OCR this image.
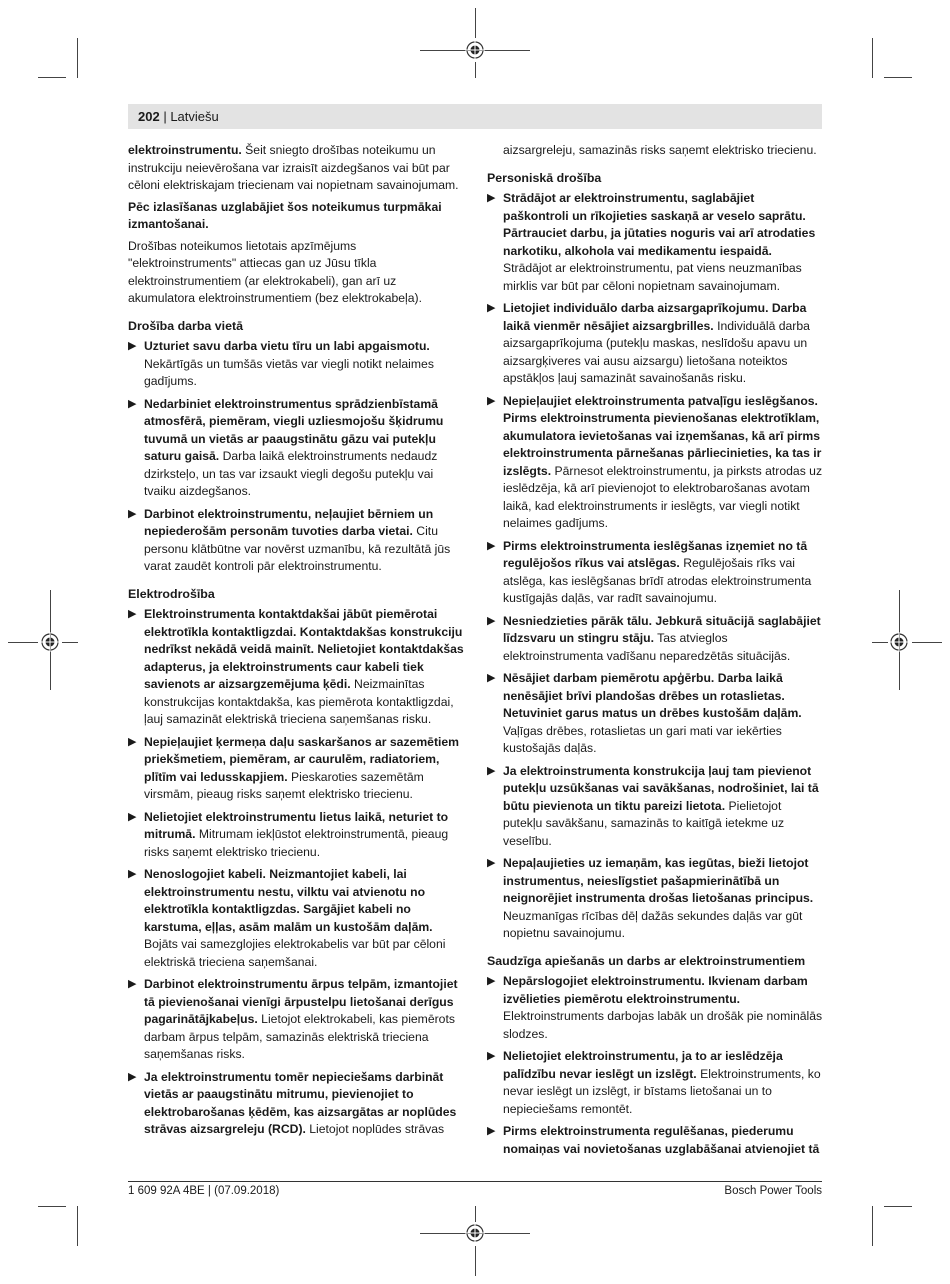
202 | Latviešu

elektroinstrumentu. Šeit sniegto drošības noteikumu un instrukciju neievērošana var izraisīt aizdegšanos vai būt par cēloni elektriskajam triecienam vai nopietnam savainojumam.

Pēc izlasīšanas uzglabājiet šos noteikumus turpmākai izmantošanai.

Drošības noteikumos lietotais apzīmējums "elektroinstruments" attiecas gan uz Jūsu tīkla elektroinstrumentiem (ar elektrokabeli), gan arī uz akumulatora elektroinstrumentiem (bez elektrokabeļa).

Drošība darba vietā
▶ Uzturiet savu darba vietu tīru un labi apgaismotu. Nekārtīgās un tumšās vietās var viegli notikt nelaimes gadījums.
▶ Nedarbiniet elektroinstrumentus sprādzienbīstamā atmosfērā, piemēram, viegli uzliesmojošu šķidrumu tuvumā un vietās ar paaugstinātu gāzu vai putekļu saturu gaisā. Darba laikā elektroinstruments nedaudz dzirksteļo, un tas var izsaukt viegli degošu putekļu vai tvaiku aizdegšanos.
▶ Darbinot elektroinstrumentu, neļaujiet bērniem un nepiederošām personām tuvoties darba vietai. Citu personu klātbūtne var novērst uzmanību, kā rezultātā jūs varat zaudēt kontroli pār elektroinstrumentu.
Elektrodrošība
▶ Elektroinstrumenta kontaktdakšai jābūt piemērotai elektrotīkla kontaktligzdai. Kontaktdakšas konstrukciju nedrīkst nekādā veidā mainīt. Nelietojiet kontaktdakšas adapterus, ja elektroinstruments caur kabeli tiek savienots ar aizsargzemējuma ķēdi. Neizmainītas konstrukcijas kontaktdakša, kas piemērota kontaktligzdai, ļauj samazināt elektriskā trieciena saņemšanas risku.
▶ Nepieļaujiet ķermeņa daļu saskaršanos ar sazemētiem priekšmetiem, piemēram, ar caurulēm, radiatoriem, plītīm vai ledusskapjiem. Pieskaroties sazemētām virsmām, pieaug risks saņemt elektrisko triecienu.
▶ Nelietojiet elektroinstrumentu lietus laikā, neturiet to mitrumā. Mitrumam iekļūstot elektroinstrumentā, pieaug risks saņemt elektrisko triecienu.
▶ Nenoslogojiet kabeli. Neizmantojiet kabeli, lai elektroinstrumentu nestu, vilktu vai atvienotu no elektrotīkla kontaktligzdas. Sargājiet kabeli no karstuma, eļļas, asām malām un kustošām daļām. Bojāts vai samezglojies elektrokabelis var būt par cēloni elektriskā trieciena saņemšanai.
▶ Darbinot elektroinstrumentu ārpus telpām, izmantojiet tā pievienošanai vienīgi ārpustelpu lietošanai derīgus pagarinātājkabeļus. Lietojot elektrokabeli, kas piemērots darbam ārpus telpām, samazinās elektriskā trieciena saņemšanas risks.
▶ Ja elektroinstrumentu tomēr nepieciešams darbināt vietās ar paaugstinātu mitrumu, pievienojiet to elektrobarošanas ķēdēm, kas aizsargātas ar noplūdes strāvas aizsargreleju (RCD). Lietojot noplūdes strāvas

aizsargreleju, samazinās risks saņemt elektrisko triecienu.

Personiskā drošība
▶ Strādājot ar elektroinstrumentu, saglabājiet paškontroli un rīkojieties saskaņā ar veselo saprātu. Pārtrauciet darbu, ja jūtaties noguris vai arī atrodaties narkotiku, alkohola vai medikamentu iespaidā. Strādājot ar elektroinstrumentu, pat viens neuzmanības mirklis var būt par cēloni nopietnam savainojumam.
▶ Lietojiet individuālo darba aizsargaprīkojumu. Darba laikā vienmēr nēsājiet aizsargbrilles. Individuālā darba aizsargaprīkojuma (putekļu maskas, neslīdošu apavu un aizsargķiveres vai ausu aizsargu) lietošana noteiktos apstākļos ļauj samazināt savainošanās risku.
▶ Nepieļaujiet elektroinstrumenta patvaļīgu ieslēgšanos. Pirms elektroinstrumenta pievienošanas elektrotīklam, akumulatora ievietošanas vai izņemšanas, kā arī pirms elektroinstrumenta pārnešanas pārliecinieties, ka tas ir izslēgts. Pārnesot elektroinstrumentu, ja pirksts atrodas uz ieslēdzēja, kā arī pievienojot to elektrobarošanas avotam laikā, kad elektroinstruments ir ieslēgts, var viegli notikt nelaimes gadījums.
▶ Pirms elektroinstrumenta ieslēgšanas izņemiet no tā regulējošos rīkus vai atslēgas. Regulējošais rīks vai atslēga, kas ieslēgšanas brīdī atrodas elektroinstrumenta kustīgajās daļās, var radīt savainojumu.
▶ Nesniedzieties pārāk tālu. Jebkurā situācijā saglabājiet līdzsvaru un stingru stāju. Tas atvieglos elektroinstrumenta vadīšanu neparedzētās situācijās.
▶ Nēsājiet darbam piemērotu apģērbu. Darba laikā nenēsājiet brīvi plandošas drēbes un rotaslietas. Netuviniet garus matus un drēbes kustošām daļām. Vaļīgas drēbes, rotaslietas un gari mati var iekērties kustošajās daļās.
▶ Ja elektroinstrumenta konstrukcija ļauj tam pievienot putekļu uzsūkšanas vai savākšanas, nodrošiniet, lai tā būtu pievienota un tiktu pareizi lietota. Pielietojot putekļu savākšanu, samazinās to kaitīgā ietekme uz veselību.
▶ Nepaļaujieties uz iemaņām, kas iegūtas, bieži lietojot instrumentus, neieslīgstiet pašapmierinātībā un neignorējiet instrumenta drošas lietošanas principus. Neuzmanīgas rīcības dēļ dažās sekundes daļās var gūt nopietnu savainojumu.
Saudzīga apiešanās un darbs ar elektroinstrumentiem
▶ Nepārslogojiet elektroinstrumentu. Ikvienam darbam izvēlieties piemērotu elektroinstrumentu. Elektroinstruments darbojas labāk un drošāk pie nominālās slodzes.
▶ Nelietojiet elektroinstrumentu, ja to ar ieslēdzēja palīdzību nevar ieslēgt un izslēgt. Elektroinstruments, ko nevar ieslēgt un izslēgt, ir bīstams lietošanai un to nepieciešams remontēt.
▶ Pirms elektroinstrumenta regulēšanas, piederumu nomaiņas vai novietošanas uzglabāšanai atvienojiet tā
1 609 92A 4BE | (07.09.2018)	Bosch Power Tools
